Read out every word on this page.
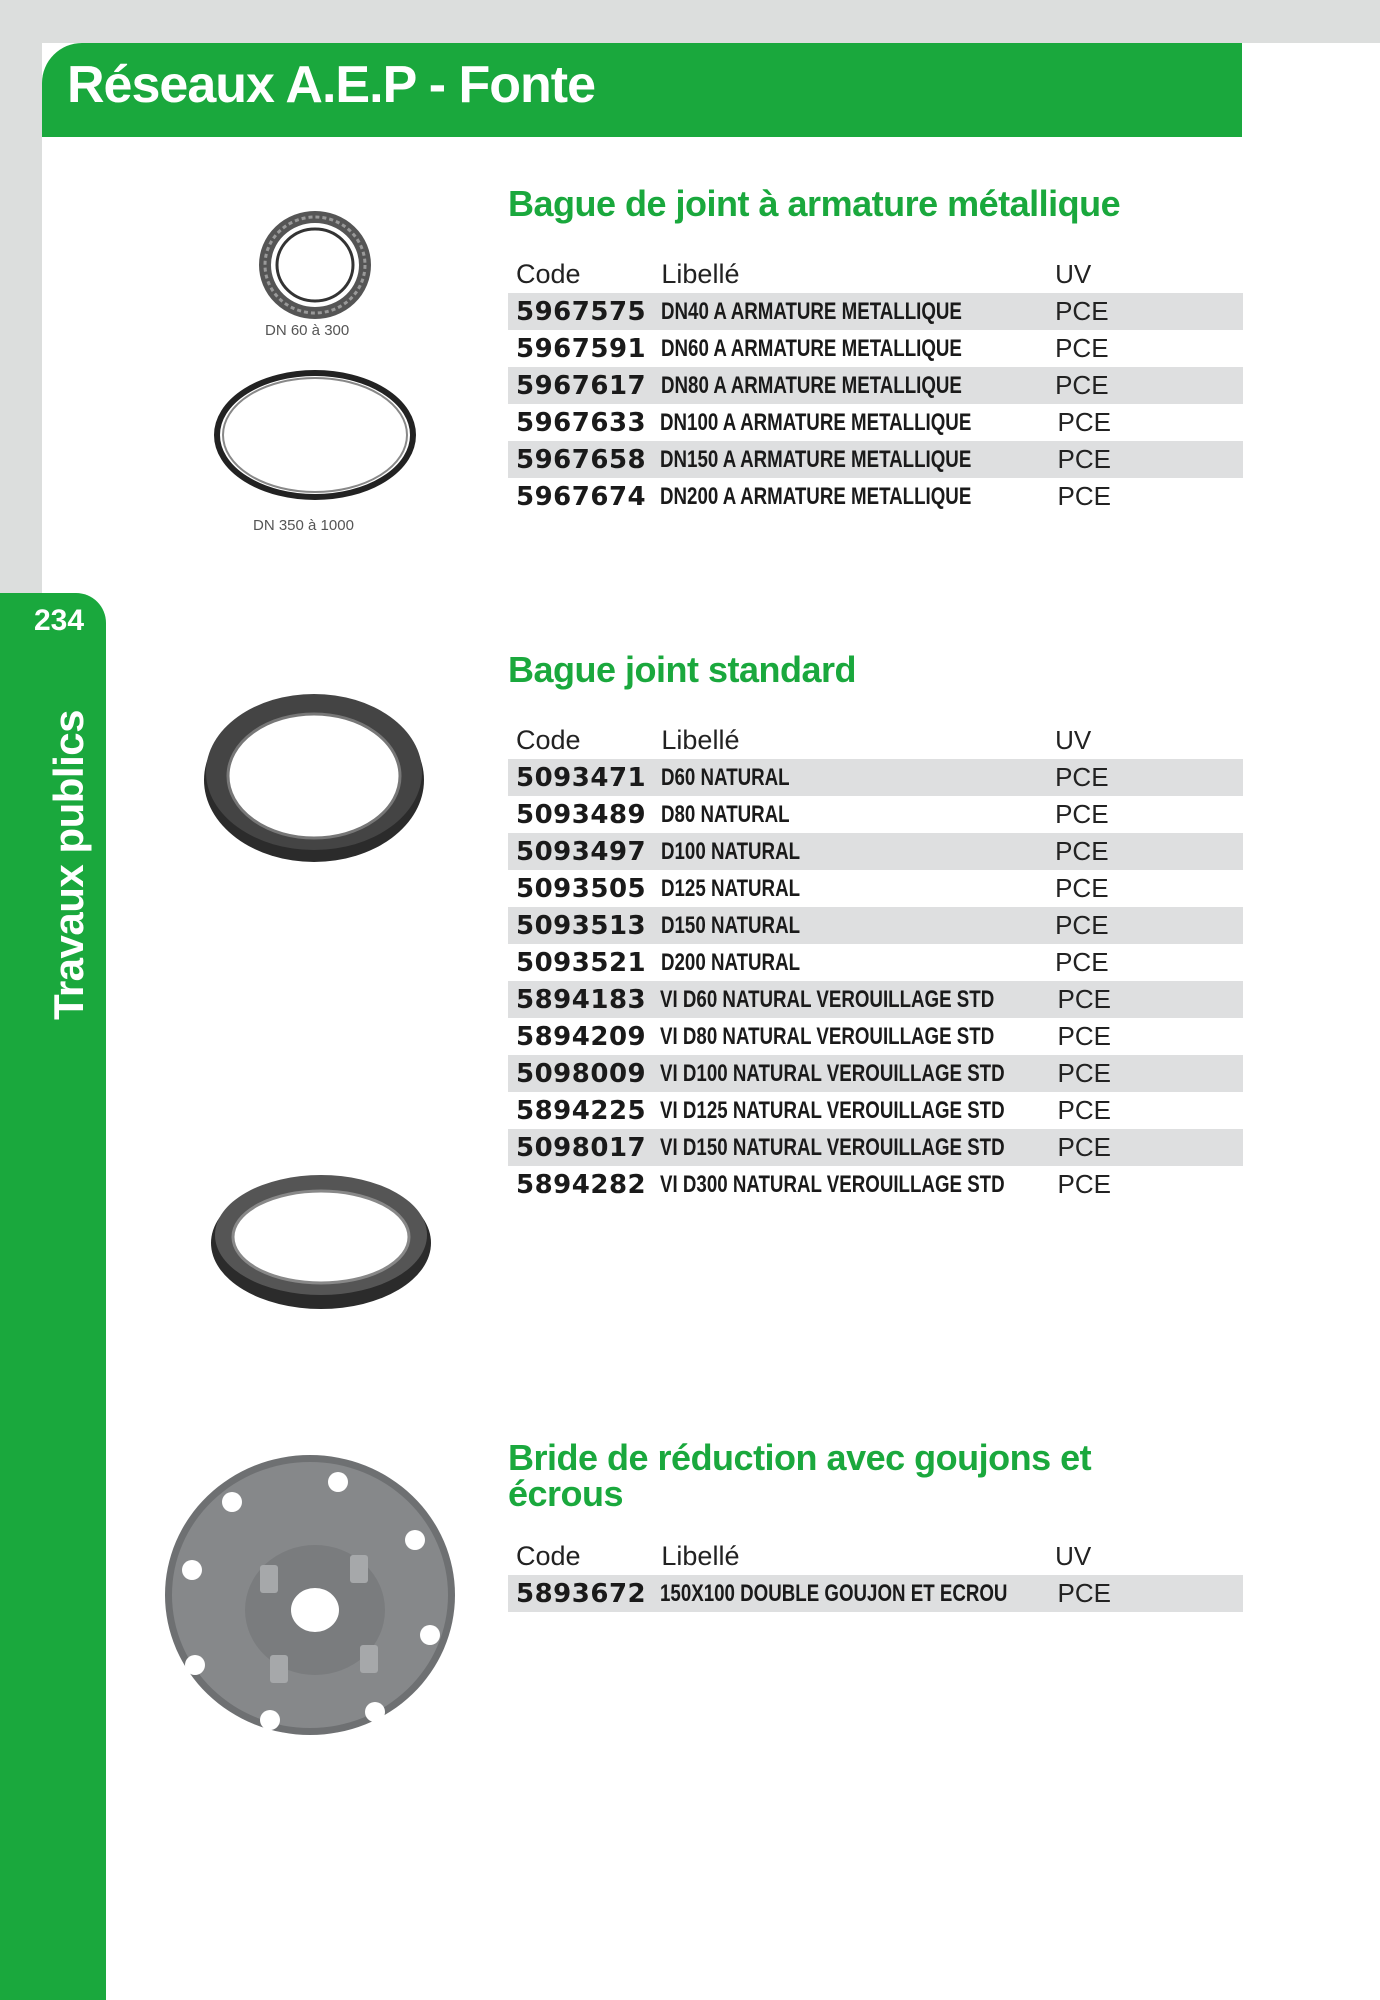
234
Travaux publics
Réseaux A.E.P - Fonte
DN 60 à 300
DN 350 à 1000
Bague de joint à armature métallique
Code	Libellé	UV
5967575 DN40 A ARMATURE METALLIQUE	PCE
5967591 DN60 A ARMATURE METALLIQUE	PCE
5967617 DN80 A ARMATURE METALLIQUE	PCE
5967633 DN100 A ARMATURE METALLIQUE	PCE
5967658 DN150 A ARMATURE METALLIQUE	PCE
5967674 DN200 A ARMATURE METALLIQUE	PCE
Bague joint standard
Code	Libellé	UV
5093471 D60 NATURAL	PCE
5093489 D80 NATURAL	PCE
5093497 D100 NATURAL	PCE
5093505 D125 NATURAL	PCE
5093513 D150 NATURAL	PCE
5093521 D200 NATURAL	PCE
5894183 VI D60 NATURAL VEROUILLAGE STD PCE
5894209 VI D80 NATURAL VEROUILLAGE STD PCE
5098009 VI D100 NATURAL VEROUILLAGE STD PCE
5894225 VI D125 NATURAL VEROUILLAGE STD PCE
5098017 VI D150 NATURAL VEROUILLAGE STD PCE
5894282 VI D300 NATURAL VEROUILLAGE STD PCE
Bride de réduction avec goujons et écrous
Code	Libellé	UV
5893672 150X100 DOUBLE GOUJON ET ECROU PCE
